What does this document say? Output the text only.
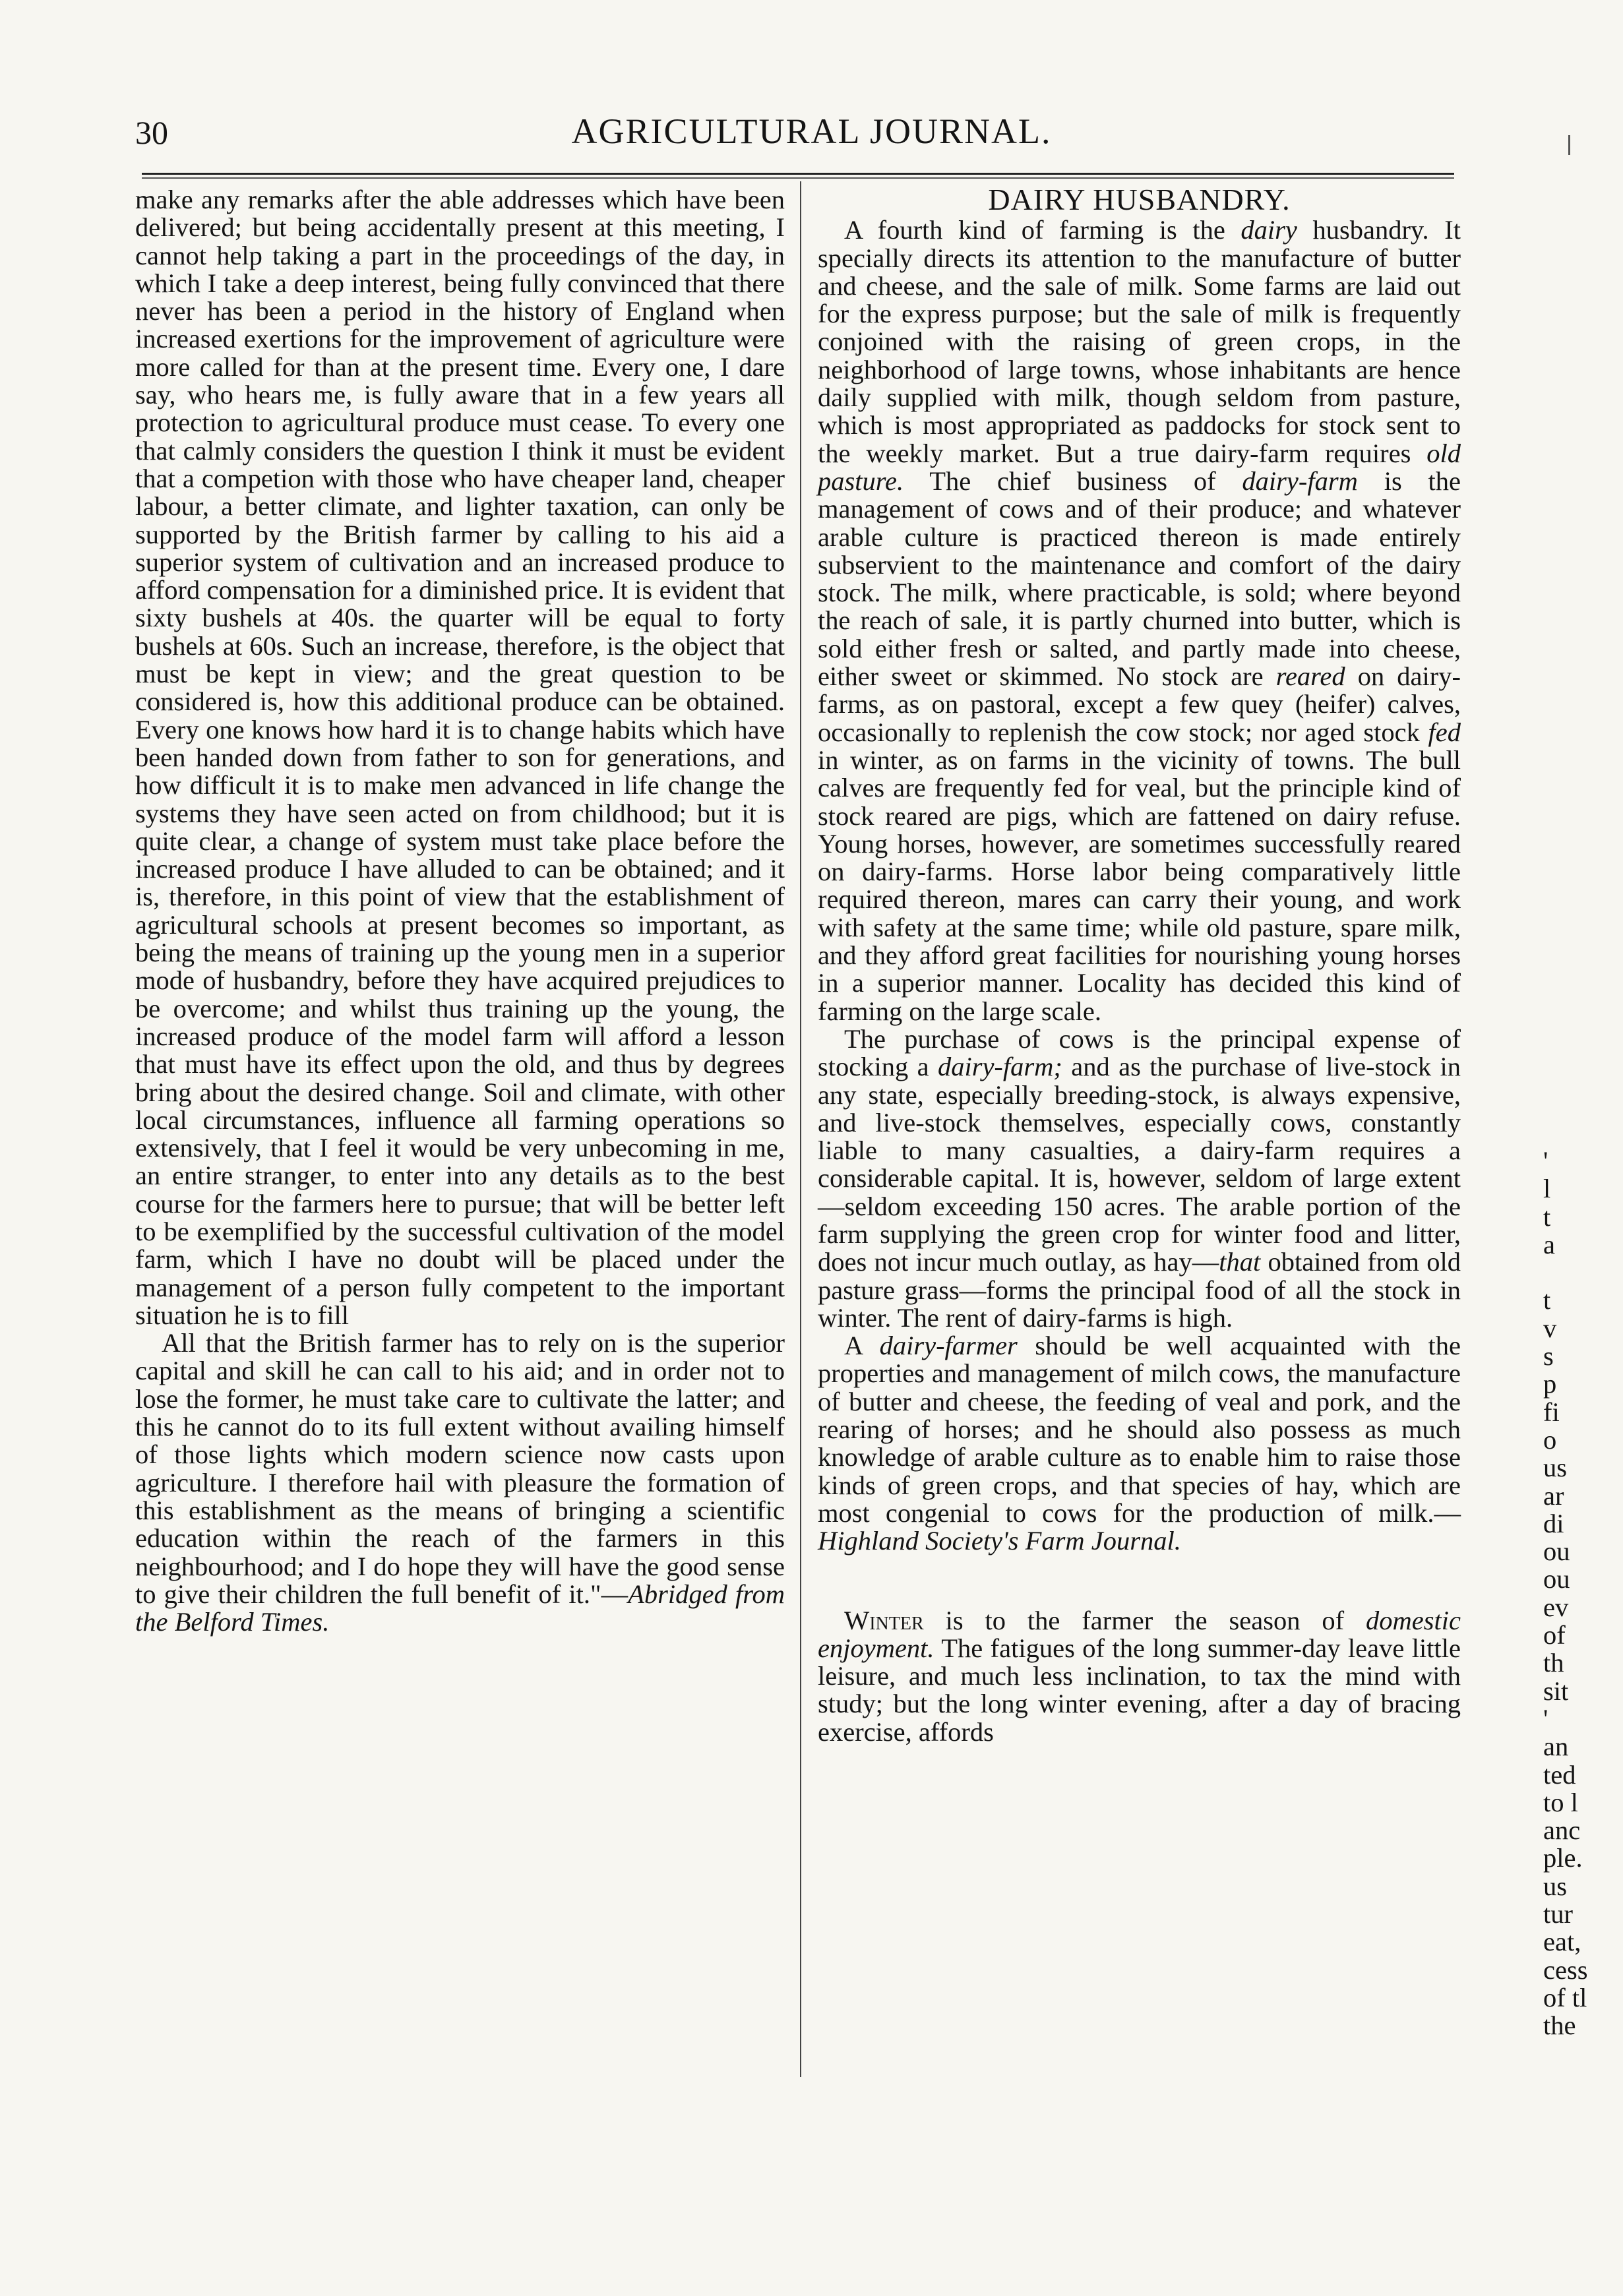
30	AGRICULTURAL JOURNAL.

make any remarks after the able addresses which have been delivered; but being accidentally present at this meeting, I cannot help taking a part in the proceedings of the day, in which I take a deep interest, being fully convinced that there never has been a period in the history of England when increased exertions for the improvement of agriculture were more called for than at the present time. Every one, I dare say, who hears me, is fully aware that in a few years all protection to agricultural produce must cease. To every one that calmly considers the question I think it must be evident that a competion with those who have cheaper land, cheaper labour, a better climate, and lighter taxation, can only be supported by the British farmer by calling to his aid a superior system of cultivation and an increased produce to afford compensation for a diminished price. It is evident that sixty bushels at 40s. the quarter will be equal to forty bushels at 60s. Such an increase, therefore, is the object that must be kept in view; and the great question to be considered is, how this additional produce can be obtained. Every one knows how hard it is to change habits which have been handed down from father to son for generations, and how difficult it is to make men advanced in life change the systems they have seen acted on from childhood; but it is quite clear, a change of system must take place before the increased produce I have alluded to can be obtained; and it is, therefore, in this point of view that the establishment of agricultural schools at present becomes so important, as being the means of training up the young men in a superior mode of husbandry, before they have acquired prejudices to be overcome; and whilst thus training up the young, the increased produce of the model farm will afford a lesson that must have its effect upon the old, and thus by degrees bring about the desired change. Soil and climate, with other local circumstances, influence all farming operations so extensively, that I feel it would be very unbecoming in me, an entire stranger, to enter into any details as to the best course for the farmers here to pursue; that will be better left to be exemplified by the successful cultivation of the model farm, which I have no doubt will be placed under the management of a person fully competent to the important situation he is to fill

All that the British farmer has to rely on is the superior capital and skill he can call to his aid; and in order not to lose the former, he must take care to cultivate the latter; and this he cannot do to its full extent without availing himself of those lights which modern science now casts upon agriculture. I therefore hail with pleasure the formation of this establishment as the means of bringing a scientific education within the reach of the farmers in this neighbourhood; and I do hope they will have the good sense to give their children the full benefit of it."—Abridged from the Belford Times.

DAIRY HUSBANDRY.

A fourth kind of farming is the dairy husbandry. It specially directs its attention to the manufacture of butter and cheese, and the sale of milk. Some farms are laid out for the express purpose; but the sale of milk is frequently conjoined with the raising of green crops, in the neighborhood of large towns, whose inhabitants are hence daily supplied with milk, though seldom from pasture, which is most appropriated as paddocks for stock sent to the weekly market. But a true dairy-farm requires old pasture. The chief business of dairy-farm is the management of cows and of their produce; and whatever arable culture is practiced thereon is made entirely subservient to the maintenance and comfort of the dairy stock. The milk, where practicable, is sold; where beyond the reach of sale, it is partly churned into butter, which is sold either fresh or salted, and partly made into cheese, either sweet or skimmed. No stock are reared on dairy-farms, as on pastoral, except a few quey (heifer) calves, occasionally to replenish the cow stock; nor aged stock fed in winter, as on farms in the vicinity of towns. The bull calves are frequently fed for veal, but the principle kind of stock reared are pigs, which are fattened on dairy refuse. Young horses, however, are sometimes successfully reared on dairy-farms. Horse labor being comparatively little required thereon, mares can carry their young, and work with safety at the same time; while old pasture, spare milk, and they afford great facilities for nourishing young horses in a superior manner. Locality has decided this kind of farming on the large scale.

The purchase of cows is the principal expense of stocking a dairy-farm; and as the purchase of live-stock in any state, especially breeding-stock, is always expensive, and live-stock themselves, especially cows, constantly liable to many casualties, a dairy-farm requires a considerable capital. It is, however, seldom of large extent—seldom exceeding 150 acres. The arable portion of the farm supplying the green crop for winter food and litter, does not incur much outlay, as hay—that obtained from old pasture grass—forms the principal food of all the stock in winter. The rent of dairy-farms is high.

A dairy-farmer should be well acquainted with the properties and management of milch cows, the manufacture of butter and cheese, the feeding of veal and pork, and the rearing of horses; and he should also possess as much knowledge of arable culture as to enable him to raise those kinds of green crops, and that species of hay, which are most congenial to cows for the production of milk.—Highland Society's Farm Journal.

Winter is to the farmer the season of domestic enjoyment. The fatigues of the long summer-day leave little leisure, and much less inclination, to tax the mind with study; but the long winter evening, after a day of bracing exercise, affords

'
l
t
a

t
v
s
p
fi
o
us
ar
di
ou
ou
ev
of
th
sit
'
an
ted
to l
anc
ple.
us
tur
eat,
cess
of tl
the
